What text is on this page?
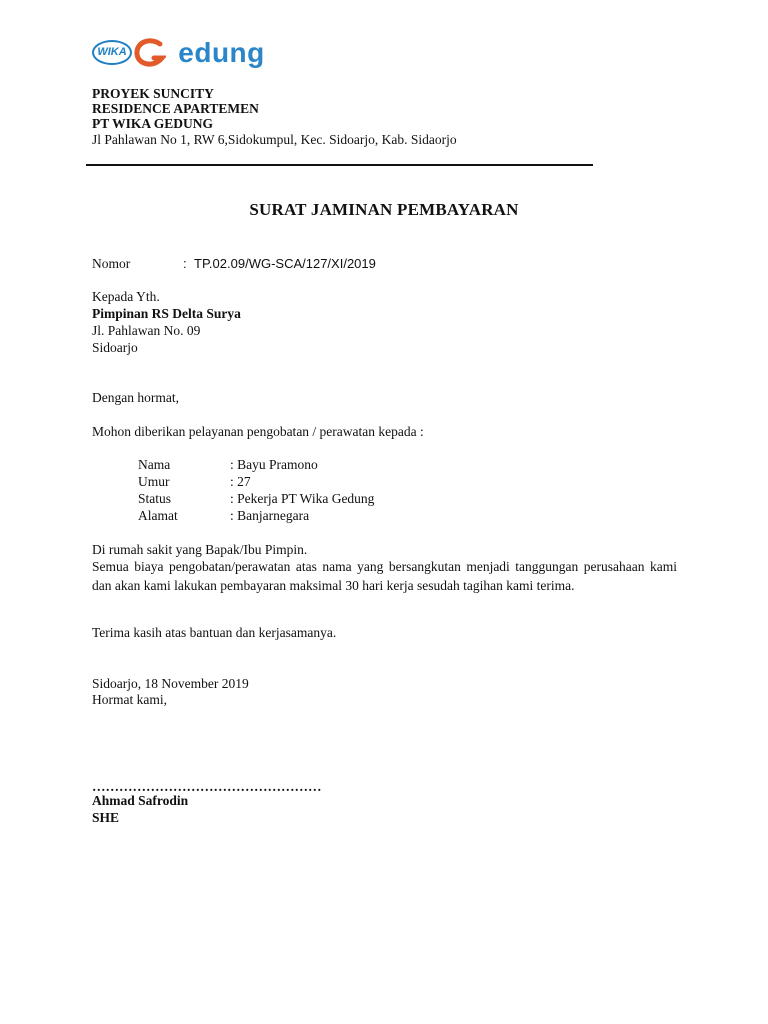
WIKA	edung
PROYEK SUNCITY
RESIDENCE APARTEMEN
PT WIKA GEDUNG
Jl Pahlawan No 1, RW 6,Sidokumpul, Kec. Sidoarjo, Kab. Sidaorjo
SURAT JAMINAN PEMBAYARAN
Nomor	: TP.02.09/WG-SCA/127/XI/2019
Kepada Yth.
Pimpinan RS Delta Surya
Jl. Pahlawan No. 09
Sidoarjo
Dengan hormat,
Mohon diberikan pelayanan pengobatan / perawatan kepada :
Nama	: Bayu Pramono
Umur	: 27
Status	: Pekerja PT Wika Gedung
Alamat	: Banjarnegara
Di rumah sakit yang Bapak/Ibu Pimpin.
Semua biaya pengobatan/perawatan atas nama yang bersangkutan menjadi tanggungan perusahaan kami dan akan kami lakukan pembayaran maksimal 30 hari kerja sesudah tagihan kami terima.
Terima kasih atas bantuan dan kerjasamanya.
Sidoarjo, 18 November 2019
Hormat kami,
……………………………………………
Ahmad Safrodin
SHE
